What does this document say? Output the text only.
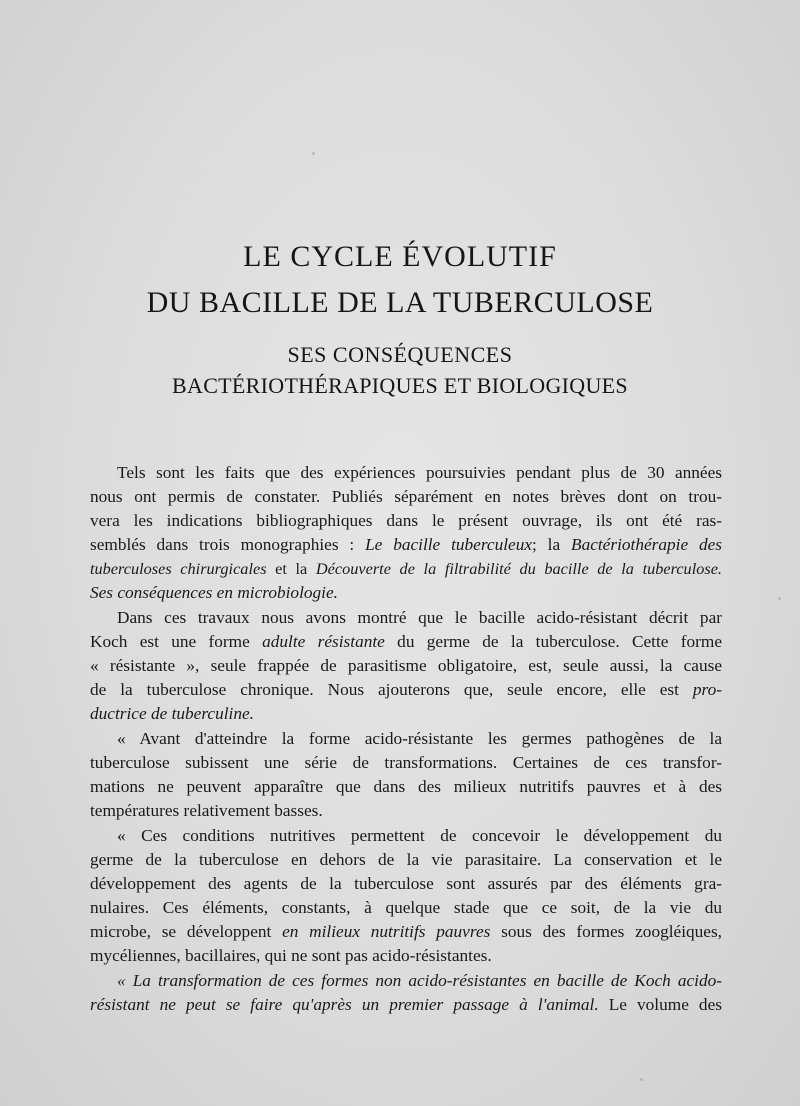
LE CYCLE ÉVOLUTIF
DU BACILLE DE LA TUBERCULOSE
SES CONSÉQUENCES
BACTÉRIOTHÉRAPIQUES ET BIOLOGIQUES
Tels sont les faits que des expériences poursuivies pendant plus de 30 années
nous ont permis de constater. Publiés séparément en notes brèves dont on trou-
vera les indications bibliographiques dans le présent ouvrage, ils ont été ras-
semblés dans trois monographies : Le bacille tuberculeux; la Bactériothérapie des
tuberculoses chirurgicales et la Découverte de la filtrabilité du bacille de la tuberculose.
Ses conséquences en microbiologie.
Dans ces travaux nous avons montré que le bacille acido-résistant décrit par
Koch est une forme adulte résistante du germe de la tuberculose. Cette forme
« résistante », seule frappée de parasitisme obligatoire, est, seule aussi, la cause
de la tuberculose chronique. Nous ajouterons que, seule encore, elle est pro-
ductrice de tuberculine.
« Avant d'atteindre la forme acido-résistante les germes pathogènes de la
tuberculose subissent une série de transformations. Certaines de ces transfor-
mations ne peuvent apparaître que dans des milieux nutritifs pauvres et à des
températures relativement basses.
« Ces conditions nutritives permettent de concevoir le développement du
germe de la tuberculose en dehors de la vie parasitaire. La conservation et le
développement des agents de la tuberculose sont assurés par des éléments gra-
nulaires. Ces éléments, constants, à quelque stade que ce soit, de la vie du
microbe, se développent en milieux nutritifs pauvres sous des formes zoogléiques,
mycéliennes, bacillaires, qui ne sont pas acido-résistantes.
« La transformation de ces formes non acido-résistantes en bacille de Koch acido-
résistant ne peut se faire qu'après un premier passage à l'animal. Le volume des
